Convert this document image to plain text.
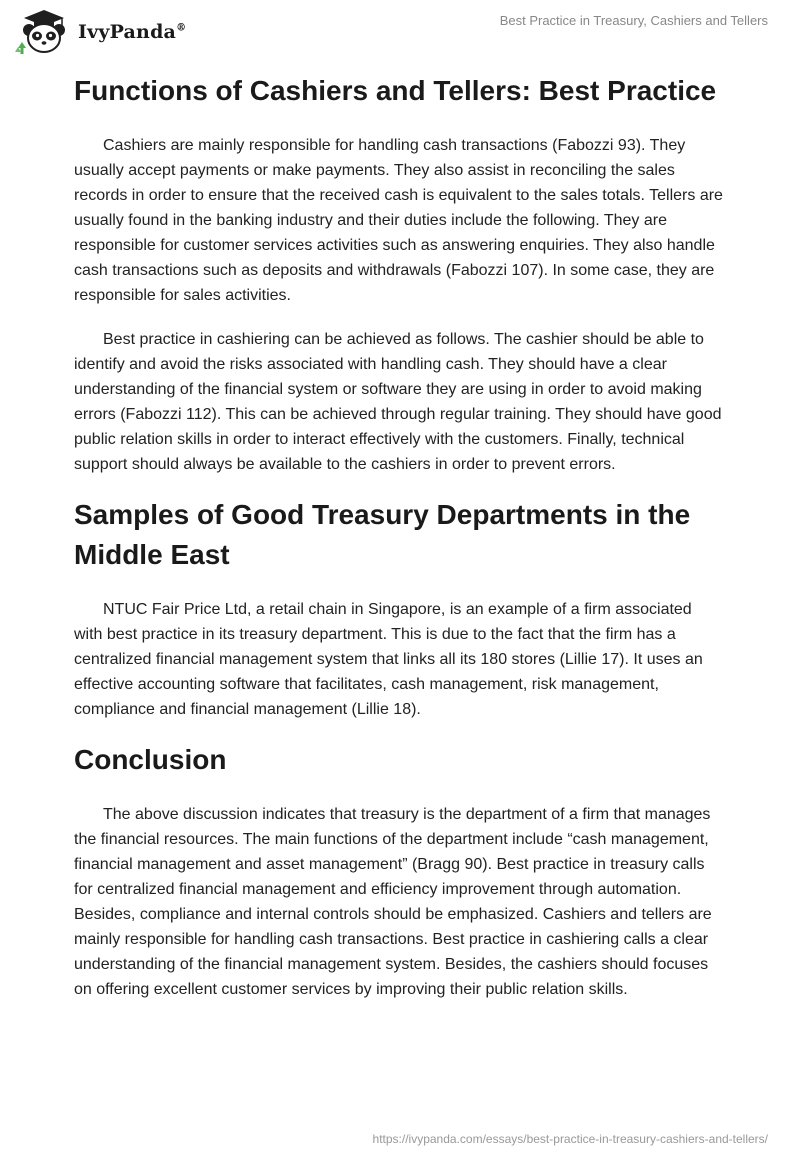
IvyPanda®
Best Practice in Treasury, Cashiers and Tellers
Functions of Cashiers and Tellers: Best Practice

Cashiers are mainly responsible for handling cash transactions (Fabozzi 93). They usually accept payments or make payments. They also assist in reconciling the sales records in order to ensure that the received cash is equivalent to the sales totals. Tellers are usually found in the banking industry and their duties include the following. They are responsible for customer services activities such as answering enquiries. They also handle cash transactions such as deposits and withdrawals (Fabozzi 107). In some case, they are responsible for sales activities.

Best practice in cashiering can be achieved as follows. The cashier should be able to identify and avoid the risks associated with handling cash. They should have a clear understanding of the financial system or software they are using in order to avoid making errors (Fabozzi 112). This can be achieved through regular training. They should have good public relation skills in order to interact effectively with the customers. Finally, technical support should always be available to the cashiers in order to prevent errors.

Samples of Good Treasury Departments in the Middle East

NTUC Fair Price Ltd, a retail chain in Singapore, is an example of a firm associated with best practice in its treasury department. This is due to the fact that the firm has a centralized financial management system that links all its 180 stores (Lillie 17). It uses an effective accounting software that facilitates, cash management, risk management, compliance and financial management (Lillie 18).

Conclusion

The above discussion indicates that treasury is the department of a firm that manages the financial resources. The main functions of the department include “cash management, financial management and asset management” (Bragg 90). Best practice in treasury calls for centralized financial management and efficiency improvement through automation. Besides, compliance and internal controls should be emphasized. Cashiers and tellers are mainly responsible for handling cash transactions. Best practice in cashiering calls a clear understanding of the financial management system. Besides, the cashiers should focuses on offering excellent customer services by improving their public relation skills.

https://ivypanda.com/essays/best-practice-in-treasury-cashiers-and-tellers/
